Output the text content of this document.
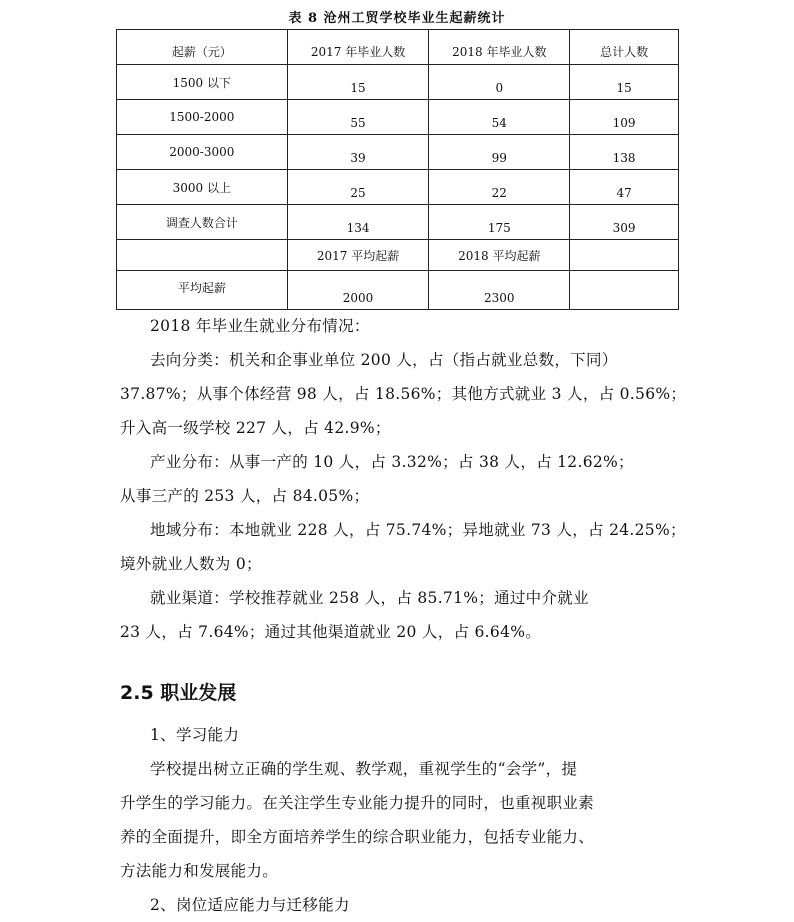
表 8 沧州工贸学校毕业生起薪统计
起薪（元）	2017 年毕业人数	2018 年毕业人数	总计人数
1500 以下	15	0	15
1500-2000	55	54	109
2000-3000	39	99	138
3000 以上	25	22	47
调查人数合计	134	175	309
	2017 平均起薪	2018 平均起薪	
平均起薪	2000	2300	
2018 年毕业生就业分布情况：
去向分类：机关和企事业单位 200 人，占（指占就业总数，下同）
37.87%；从事个体经营 98 人，占 18.56%；其他方式就业 3 人，占 0.56%；
升入高一级学校 227 人，占 42.9%；
产业分布：从事一产的 10 人，占 3.32%；占 38 人，占 12.62%；
从事三产的 253 人，占 84.05%；
地域分布：本地就业 228 人，占 75.74%；异地就业 73 人，占 24.25%；
境外就业人数为 0；
就业渠道：学校推荐就业 258 人，占 85.71%；通过中介就业
23 人，占 7.64%；通过其他渠道就业 20 人，占 6.64%。
2.5 职业发展
1、学习能力
学校提出树立正确的学生观、教学观，重视学生的“会学”，提
升学生的学习能力。在关注学生专业能力提升的同时，也重视职业素
养的全面提升，即全方面培养学生的综合职业能力，包括专业能力、
方法能力和发展能力。
2、岗位适应能力与迁移能力
